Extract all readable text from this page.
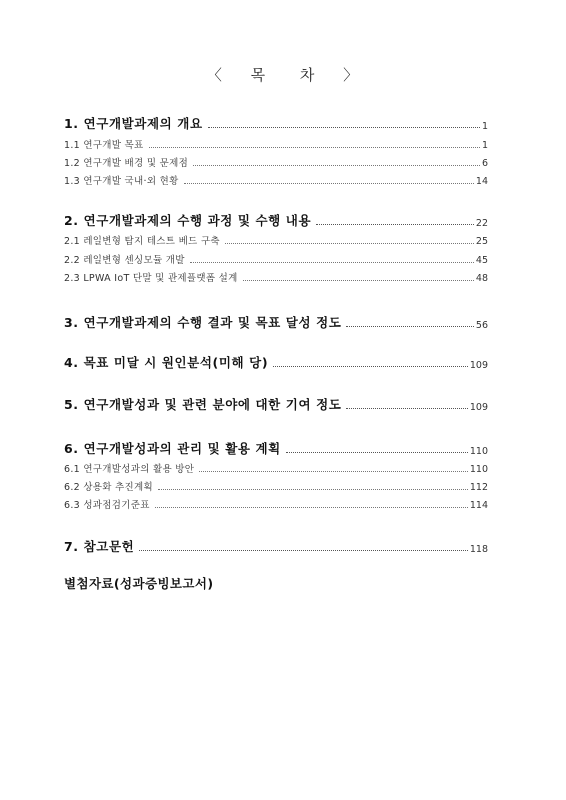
〈 목 차 〉
1. 연구개발과제의 개요	1
1.1 연구개발 목표	1
1.2 연구개발 배경 및 문제점	6
1.3 연구개발 국내·외 현황	14
2. 연구개발과제의 수행 과정 및 수행 내용	22
2.1 레일변형 탐지 테스트 베드 구축	25
2.2 레일변형 센싱모듈 개발	45
2.3 LPWA IoT 단말 및 관제플랫폼 설계	48
3. 연구개발과제의 수행 결과 및 목표 달성 정도	56
4. 목표 미달 시 원인분석(미해 당)	109
5. 연구개발성과 및 관련 분야에 대한 기여 정도	109
6. 연구개발성과의 관리 및 활용 계획	110
6.1 연구개발성과의 활용 방안	110
6.2 상용화 추진계획	112
6.3 성과점검기준표	114
7. 참고문헌	118
별첨자료(성과증빙보고서)
